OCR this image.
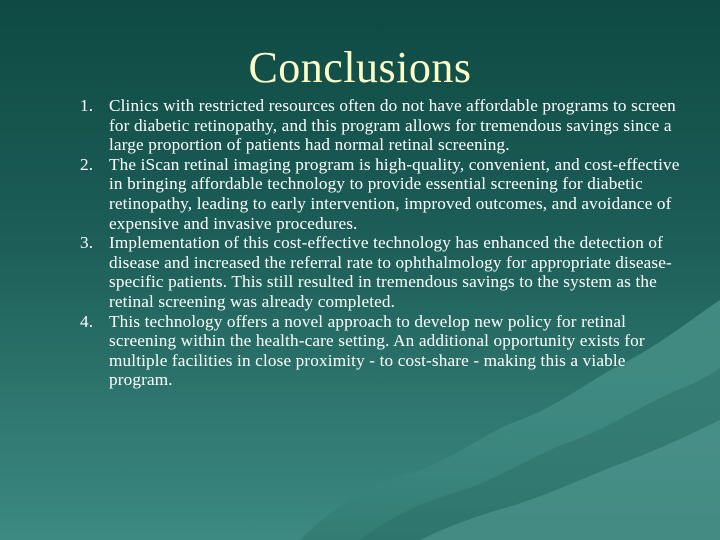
Conclusions
1. Clinics with restricted resources often do not have affordable programs to screen for diabetic retinopathy, and this program allows for tremendous savings since a large proportion of patients had normal retinal screening.
2. The iScan retinal imaging program is high-quality, convenient, and cost-effective in bringing affordable technology to provide essential screening for diabetic retinopathy, leading to early intervention, improved outcomes, and avoidance of expensive and invasive procedures.
3. Implementation of this cost-effective technology has enhanced the detection of disease and increased the referral rate to ophthalmology for appropriate disease-specific patients. This still resulted in tremendous savings to the system as the retinal screening was already completed.
4. This technology offers a novel approach to develop new policy for retinal screening within the health-care setting. An additional opportunity exists for multiple facilities in close proximity - to cost-share - making this a viable program.
